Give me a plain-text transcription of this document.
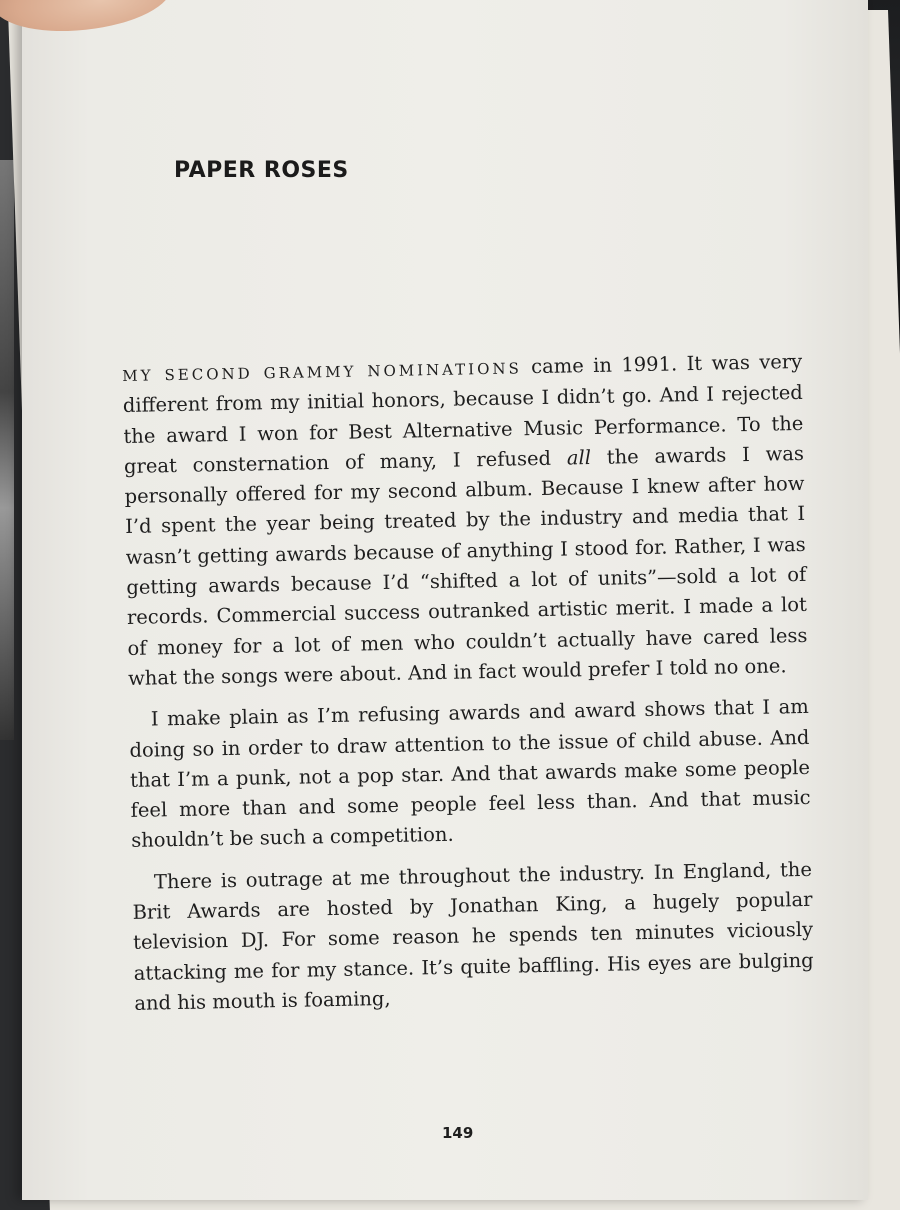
PAPER ROSES

MY SECOND GRAMMY NOMINATIONS came in 1991. It was very different from my initial honors, because I didn’t go. And I rejected the award I won for Best Alternative Music Performance. To the great consternation of many, I refused all the awards I was personally offered for my second album. Because I knew after how I’d spent the year being treated by the industry and media that I wasn’t getting awards because of anything I stood for. Rather, I was getting awards because I’d “shifted a lot of units”—sold a lot of records. Commercial success outranked artistic merit. I made a lot of money for a lot of men who couldn’t actually have cared less what the songs were about. And in fact would prefer I told no one.

I make plain as I’m refusing awards and award shows that I am doing so in order to draw attention to the issue of child abuse. And that I’m a punk, not a pop star. And that awards make some people feel more than and some people feel less than. And that music shouldn’t be such a competition.

There is outrage at me throughout the industry. In England, the Brit Awards are hosted by Jonathan King, a hugely popular television DJ. For some reason he spends ten minutes viciously attacking me for my stance. It’s quite baffling. His eyes are bulging and his mouth is foaming,

149
